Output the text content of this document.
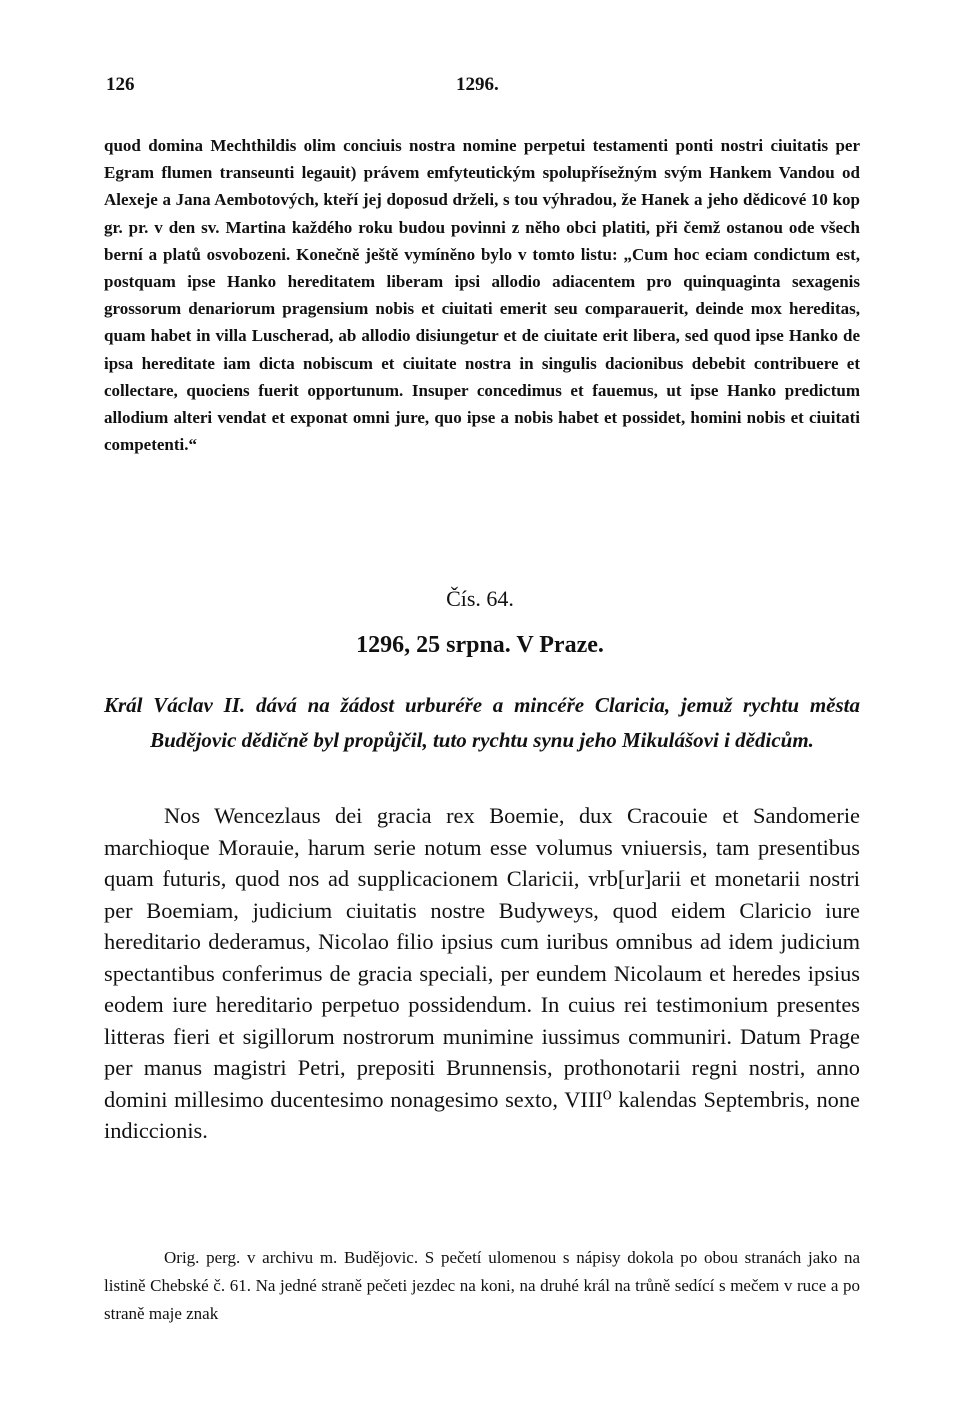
126	1296.

quod domina Mechthildis olim conciuis nostra nomine perpetui testamenti ponti nostri ciuitatis per Egram flumen transeunti legauit) právem emfyteutickým spolupřísežným svým Hankem Vandou od Alexeje a Jana Aembotových, kteří jej doposud drželi, s tou výhradou, že Hanek a jeho dědicové 10 kop gr. pr. v den sv. Martina každého roku budou povinni z něho obci platiti, při čemž ostanou ode všech berní a platů osvobozeni. Konečně ještě vymíněno bylo v tomto listu: „Cum hoc eciam condictum est, postquam ipse Hanko hereditatem liberam ipsi allodio adiacentem pro quinquaginta sexagenis grossorum denariorum pragensium nobis et ciuitati emerit seu comparauerit, deinde mox hereditas, quam habet in villa Luscherad, ab allodio disiungetur et de ciuitate erit libera, sed quod ipse Hanko de ipsa hereditate iam dicta nobiscum et ciuitate nostra in singulis dacionibus debebit contribuere et collectare, quociens fuerit opportunum. Insuper concedimus et fauemus, ut ipse Hanko predictum allodium alteri vendat et exponat omni jure, quo ipse a nobis habet et possidet, homini nobis et ciuitati competenti.“

Čís. 64.
1296, 25 srpna. V Praze.

Král Václav II. dává na žádost urburéře a mincéře Claricia, jemuž rychtu města Budějovic dědičně byl propůjčil, tuto rychtu synu jeho Mikulášovi i dědicům.

Nos Wencezlaus dei gracia rex Boemie, dux Cracouie et Sandomerie marchioque Morauie, harum serie notum esse volumus vniuersis, tam presentibus quam futuris, quod nos ad supplicacionem Claricii, vrb[ur]arii et monetarii nostri per Boemiam, judicium ciuitatis nostre Budyweys, quod eidem Claricio iure hereditario dederamus, Nicolao filio ipsius cum iuribus omnibus ad idem judicium spectantibus conferimus de gracia speciali, per eundem Nicolaum et heredes ipsius eodem iure hereditario perpetuo possidendum. In cuius rei testimonium presentes litteras fieri et sigillorum nostrorum munimine iussimus communiri. Datum Prage per manus magistri Petri, prepositi Brunnensis, prothonotarii regni nostri, anno domini millesimo ducentesimo nonagesimo sexto, VIII⁰ kalendas Septembris, none indiccionis.

Orig. perg. v archivu m. Budějovic. S pečetí ulomenou s nápisy dokola po obou stranách jako na listině Chebské č. 61. Na jedné straně pečeti jezdec na koni, na druhé král na trůně sedící s mečem v ruce a po straně maje znak
